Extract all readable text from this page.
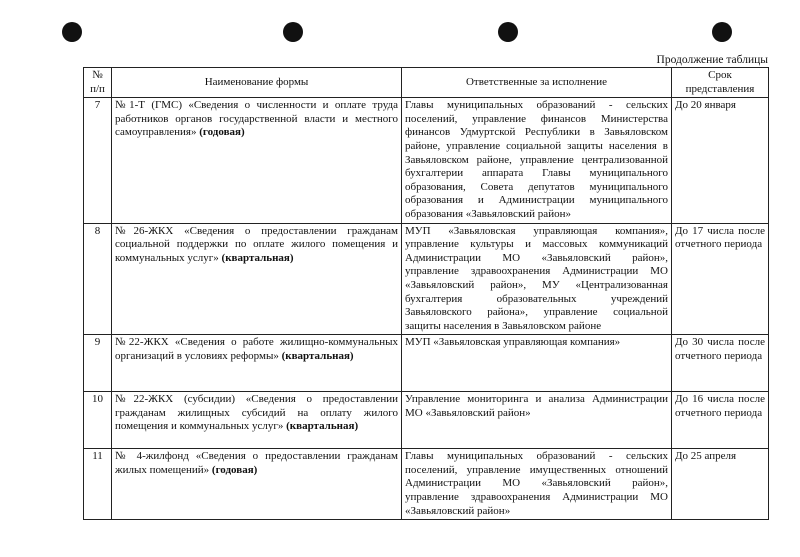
Продолжение таблицы
№ п/п	Наименование формы	Ответственные за исполнение	Срок представления
7	№1-Т (ГМС) «Сведения о численности и оплате труда работников органов государственной власти и местного самоуправления» (годовая)	Главы муниципальных образований - сельских поселений, управление финансов Министерства финансов Удмуртской Республики в Завьяловском районе, управление социальной защиты населения в Завьяловском районе, управление централизованной бухгалтерии аппарата Главы муниципального образования, Совета депутатов муниципального образования и Администрации муниципального образования «Завьяловский район»	До 20 января
8	№26-ЖКХ «Сведения о предоставлении гражданам социальной поддержки по оплате жилого помещения и коммунальных услуг» (квартальная)	МУП «Завьяловская управляющая компания», управление культуры и массовых коммуникаций Администрации МО «Завьяловский район», управление здравоохранения Администрации МО «Завьяловский район», МУ «Централизованная бухгалтерия образовательных учреждений Завьяловского района», управление социальной защиты населения в Завьяловском районе	До 17 числа после отчетного периода
9	№22-ЖКХ «Сведения о работе жилищно-коммунальных организаций в условиях реформы» (квартальная)	МУП «Завьяловская управляющая компания»	До 30 числа после отчетного периода
10	№22-ЖКХ (субсидии) «Сведения о предоставлении гражданам жилищных субсидий на оплату жилого помещения и коммунальных услуг» (квартальная)	Управление мониторинга и анализа Администрации МО «Завьяловский район»	До 16 числа после отчетного периода
11	№ 4-жилфонд «Сведения о предоставлении гражданам жилых помещений» (годовая)	Главы муниципальных образований - сельских поселений, управление имущественных отношений Администрации МО «Завьяловский район», управление здравоохранения Администрации МО «Завьяловский район»	До 25 апреля
